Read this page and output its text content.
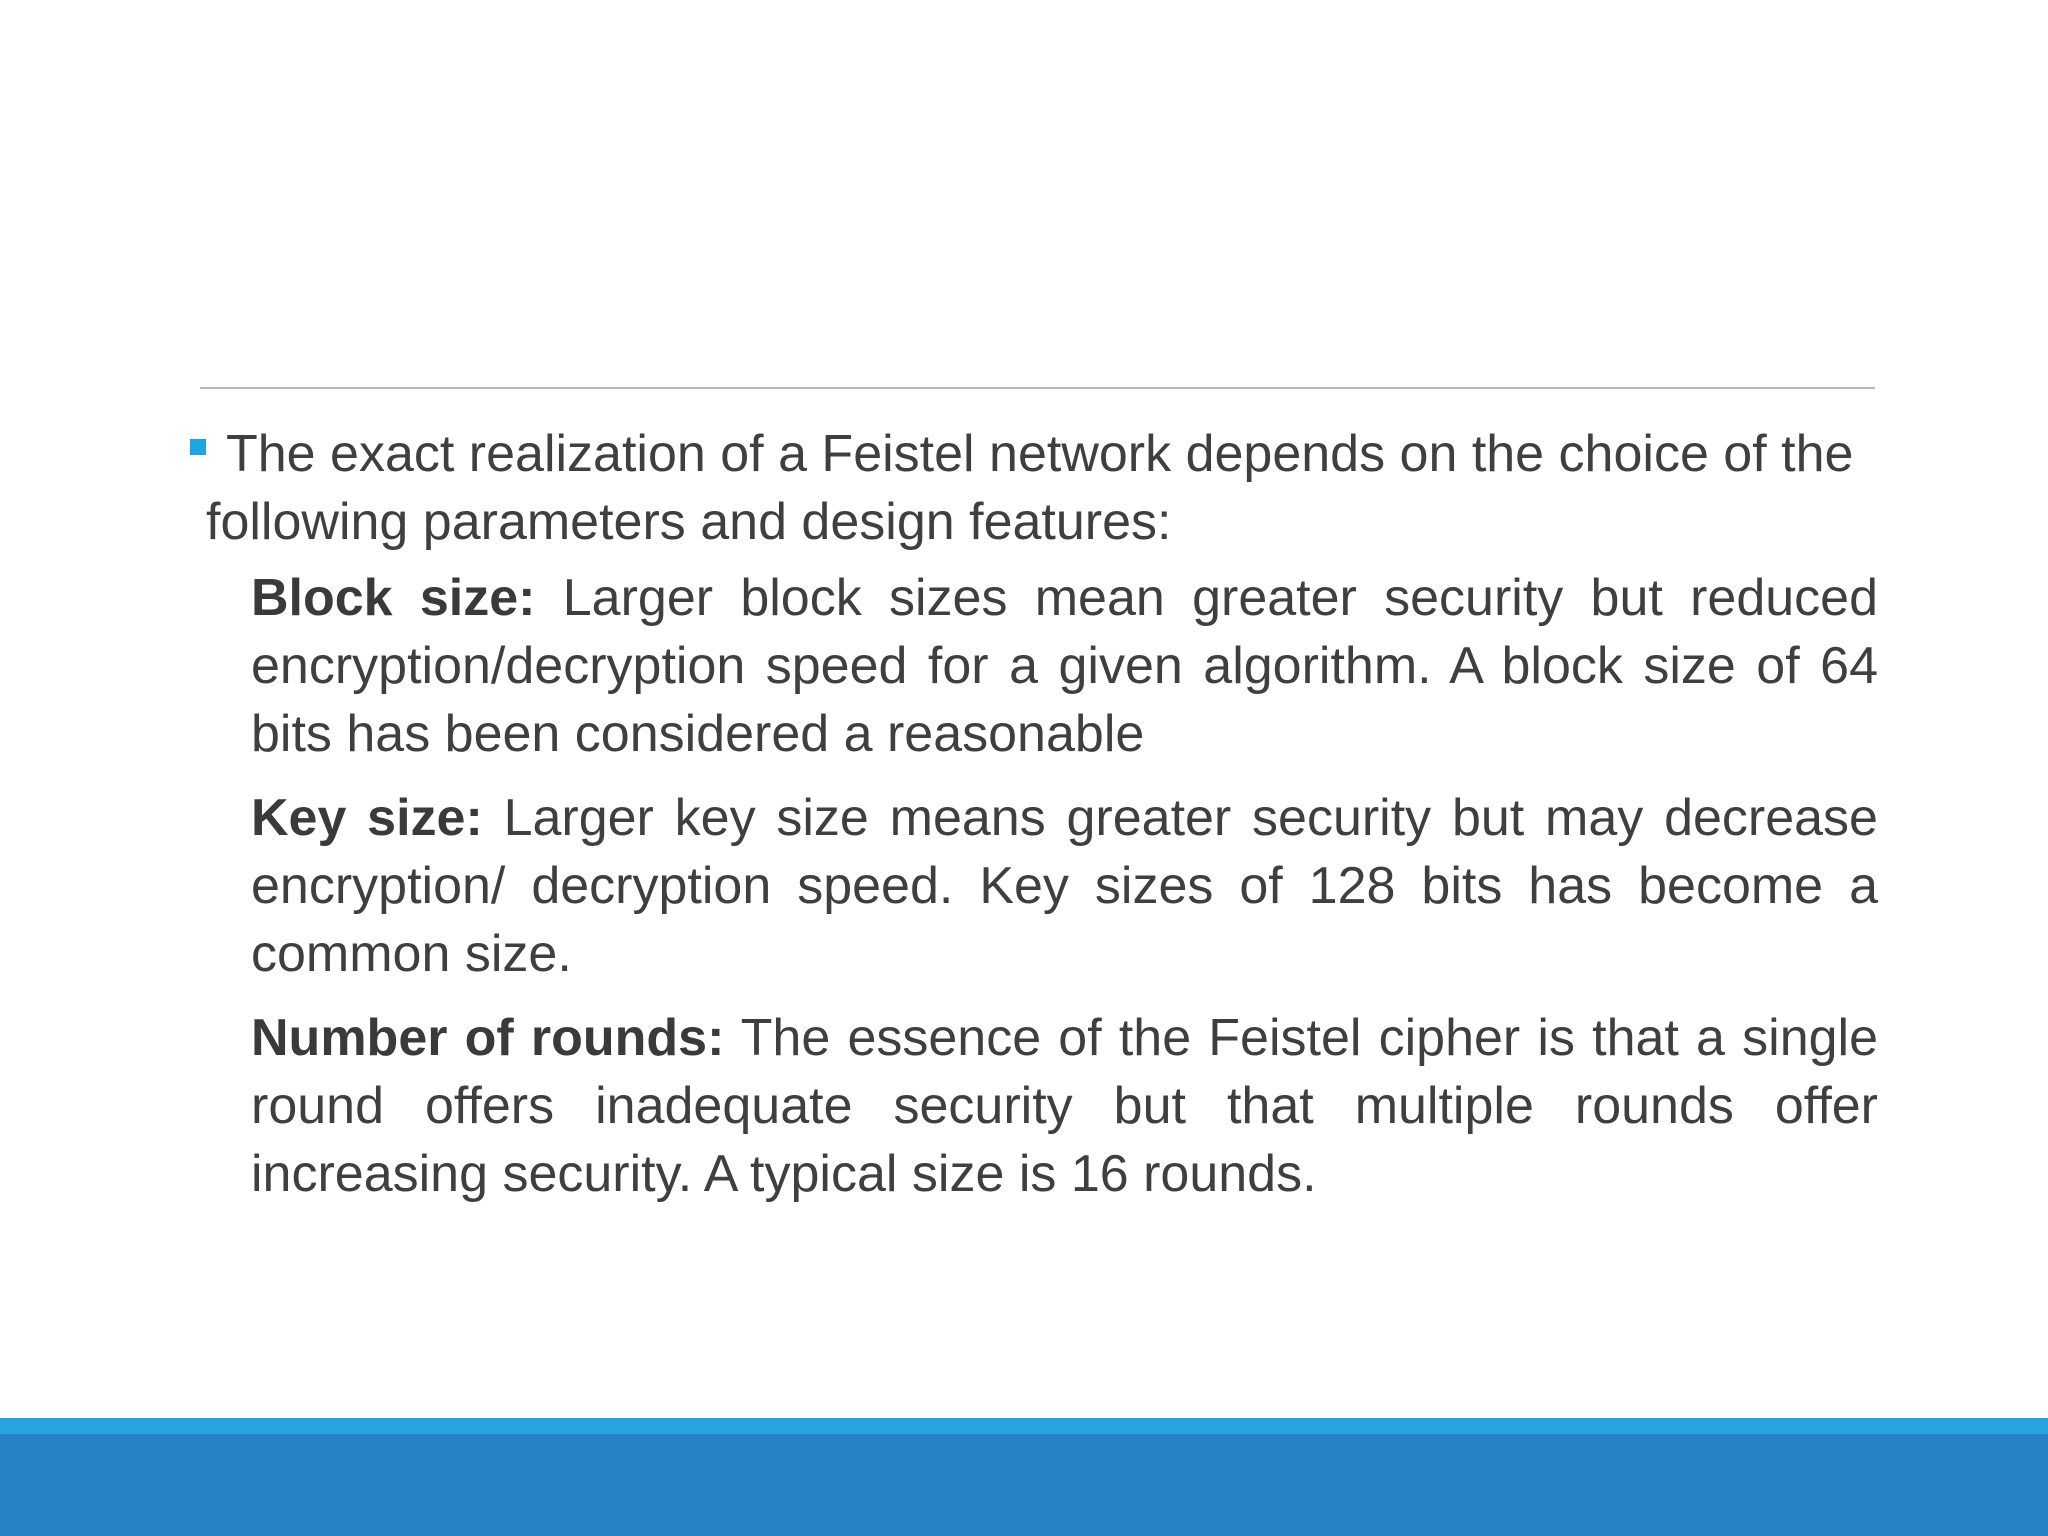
The exact realization of a Feistel network depends on the choice of the following parameters and design features:

Block size: Larger block sizes mean greater security but reduced encryption/decryption speed for a given algorithm. A block size of 64 bits has been considered a reasonable

Key size: Larger key size means greater security but may decrease encryption/ decryption speed. Key sizes of 128 bits has become a common size.

Number of rounds: The essence of the Feistel cipher is that a single round offers inadequate security but that multiple rounds offer increasing security. A typical size is 16 rounds.
